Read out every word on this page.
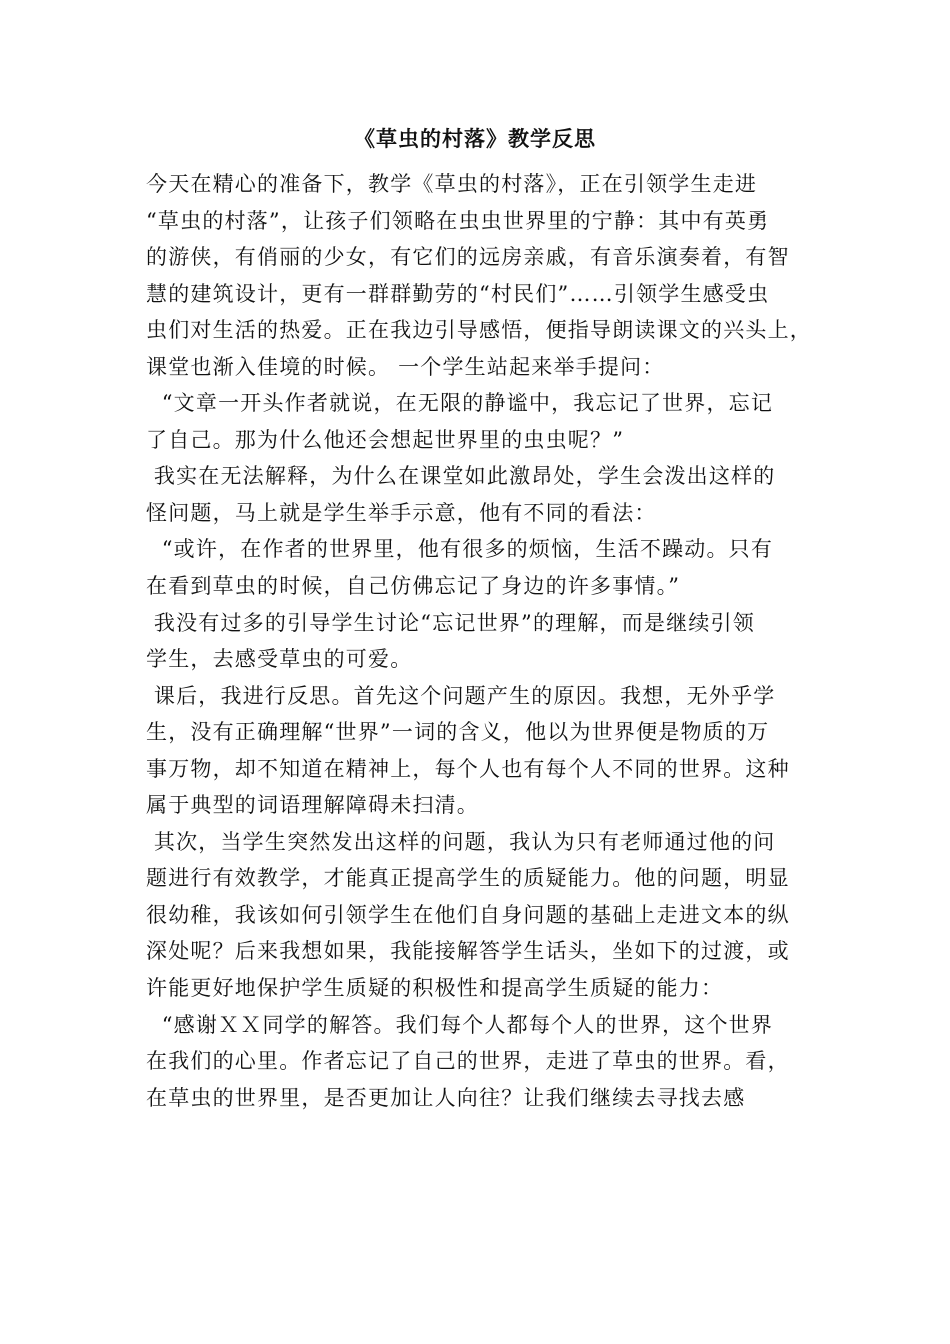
《草虫的村落》教学反思
今天在精心的准备下，教学《草虫的村落》，正在引领学生走进
“草虫的村落”，让孩子们领略在虫虫世界里的宁静：其中有英勇
的游侠，有俏丽的少女，有它们的远房亲戚，有音乐演奏着，有智
慧的建筑设计，更有一群群勤劳的“村民们”……引领学生感受虫
虫们对生活的热爱。正在我边引导感悟，便指导朗读课文的兴头上，
课堂也渐入佳境的时候。 一个学生站起来举手提问：
“文章一开头作者就说，在无限的静谧中，我忘记了世界，忘记
了自己。那为什么他还会想起世界里的虫虫呢？”
我实在无法解释，为什么在课堂如此激昂处，学生会泼出这样的
怪问题，马上就是学生举手示意，他有不同的看法：
“或许，在作者的世界里，他有很多的烦恼，生活不躁动。只有
在看到草虫的时候，自己仿佛忘记了身边的许多事情。”
我没有过多的引导学生讨论“忘记世界”的理解，而是继续引领
学生，去感受草虫的可爱。
课后，我进行反思。首先这个问题产生的原因。我想，无外乎学
生，没有正确理解“世界”一词的含义，他以为世界便是物质的万
事万物，却不知道在精神上，每个人也有每个人不同的世界。这种
属于典型的词语理解障碍未扫清。
其次，当学生突然发出这样的问题，我认为只有老师通过他的问
题进行有效教学，才能真正提高学生的质疑能力。他的问题，明显
很幼稚，我该如何引领学生在他们自身问题的基础上走进文本的纵
深处呢？后来我想如果，我能接解答学生话头，坐如下的过渡，或
许能更好地保护学生质疑的积极性和提高学生质疑的能力：
“感谢ＸＸ同学的解答。我们每个人都每个人的世界，这个世界
在我们的心里。作者忘记了自己的世界，走进了草虫的世界。看，
在草虫的世界里，是否更加让人向往？让我们继续去寻找去感
